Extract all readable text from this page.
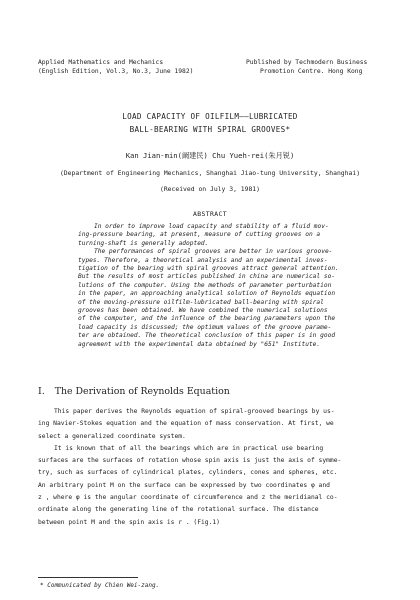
Applied Mathematics and Mechanics
(English Edition, Vol.3, No.3, June 1982)
Published by Techmodern Business
Promotion Centre. Hong Kong
LOAD CAPACITY OF OILFILM——LUBRICATED
BALL-BEARING WITH SPIRAL GROOVES*
Kan Jian-min(阚建民) Chu Yueh-rei(朱月锐)
(Department of Engineering Mechanics, Shanghai Jiao-tung University, Shanghai)
(Received on July 3, 1981)
ABSTRACT

In order to improve load capacity and stability of a fluid mov-
ing-pressure bearing, at present, measure of cutting grooves on a
turning-shaft is generally adopted.

The performances of spiral grooves are better in various groove-
types. Therefore, a theoretical analysis and an experimental inves-
tigation of the bearing with spiral grooves attract general attention.
But the results of most articles published in china are numerical so-
lutions of the computer. Using the methods of parameter perturbation
in the paper, an approaching analytical solution of Reynolds equation
of the moving-pressure oilfilm-lubricated ball-bearing with spiral
grooves has been obtained. We have combined the numerical solutions
of the computer, and the influence of the bearing parameters upon the
load capacity is discussed; the optimum values of the groove parame-
ter are obtained. The theoretical conclusion of this paper is in good
agreement with the experimental data obtained by "651" Institute.

I. The Derivation of Reynolds Equation

This paper derives the Reynolds equation of spiral-grooved bearings by us-
ing Navier-Stokes equation and the equation of mass conservation. At first, we
select a generalized coordinate system.

It is known that of all the bearings which are in practical use bearing
surfaces are the surfaces of rotation whose spin axis is just the axis of symme-
try, such as surfaces of cylindrical plates, cylinders, cones and spheres, etc.
An arbitrary point M on the surface can be expressed by two coordinates φ and
z , where φ is the angular coordinate of circumference and z the meridianal co-
ordinate along the generating line of the rotational surface. The distance
between point M and the spin axis is r . (Fig.1)

* Communicated by Chien Wei-zang.
